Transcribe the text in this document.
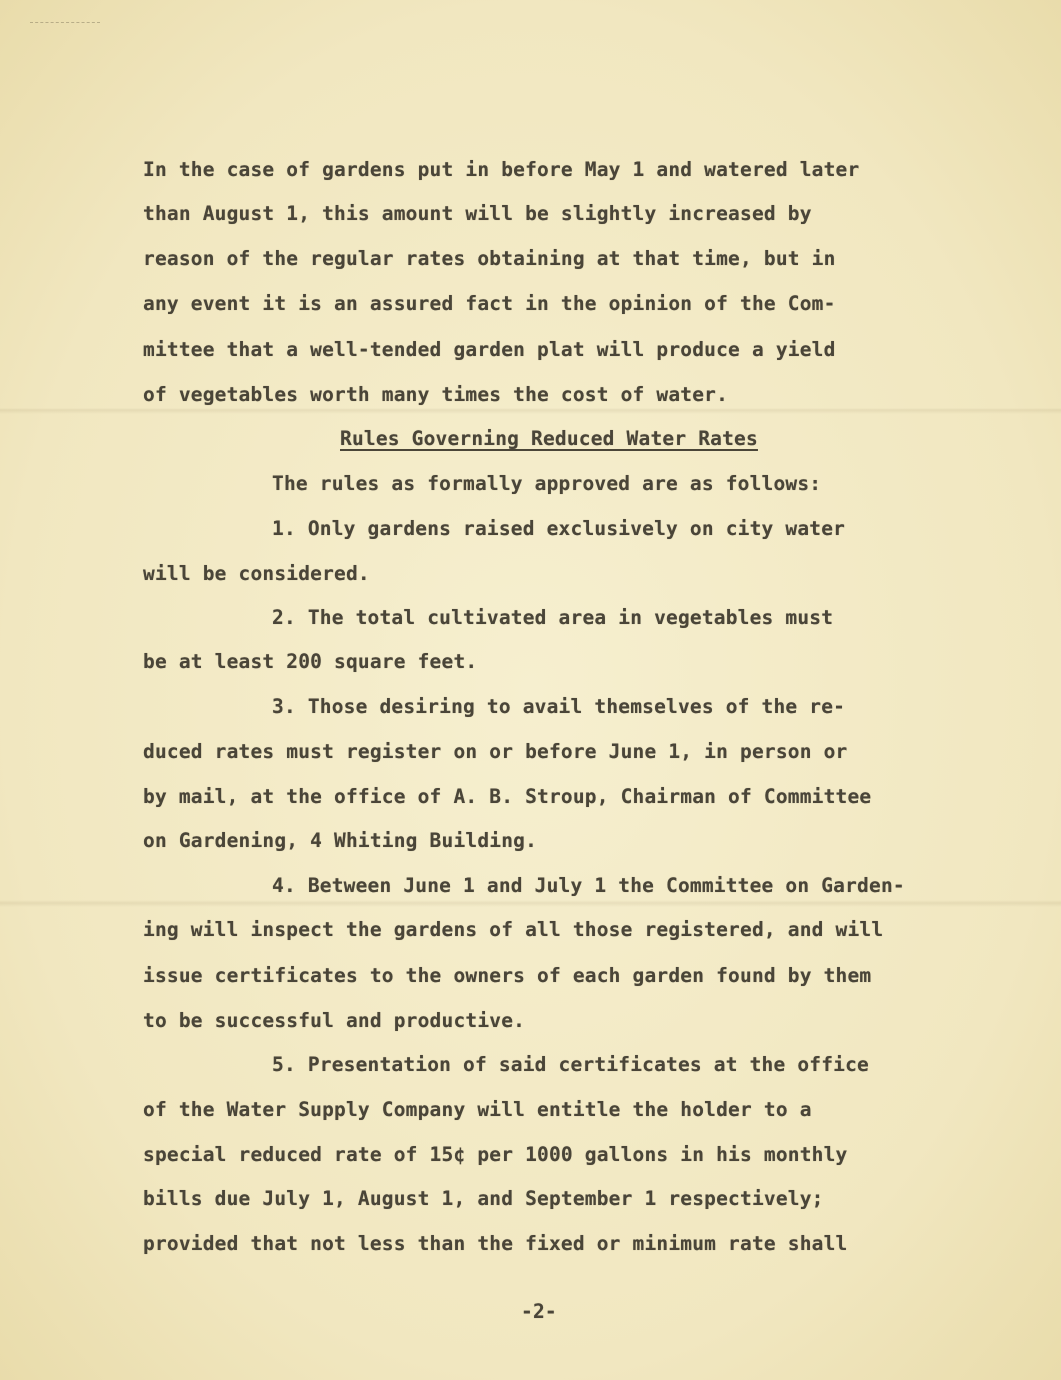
In the case of gardens put in before May 1 and watered later
than August 1, this amount will be slightly increased by
reason of the regular rates obtaining at that time, but in
any event it is an assured fact in the opinion of the Com-
mittee that a well-tended garden plat will produce a yield
of vegetables worth many times the cost of water.
Rules Governing Reduced Water Rates
The rules as formally approved are as follows:
1. Only gardens raised exclusively on city water
will be considered.
2. The total cultivated area in vegetables must
be at least 200 square feet.
3. Those desiring to avail themselves of the re-
duced rates must register on or before June 1, in person or
by mail, at the office of A. B. Stroup, Chairman of Committee
on Gardening, 4 Whiting Building.
4. Between June 1 and July 1 the Committee on Garden-
ing will inspect the gardens of all those registered, and will
issue certificates to the owners of each garden found by them
to be successful and productive.
5. Presentation of said certificates at the office
of the Water Supply Company will entitle the holder to a
special reduced rate of 15¢ per 1000 gallons in his monthly
bills due July 1, August 1, and September 1 respectively;
provided that not less than the fixed or minimum rate shall
-2-
